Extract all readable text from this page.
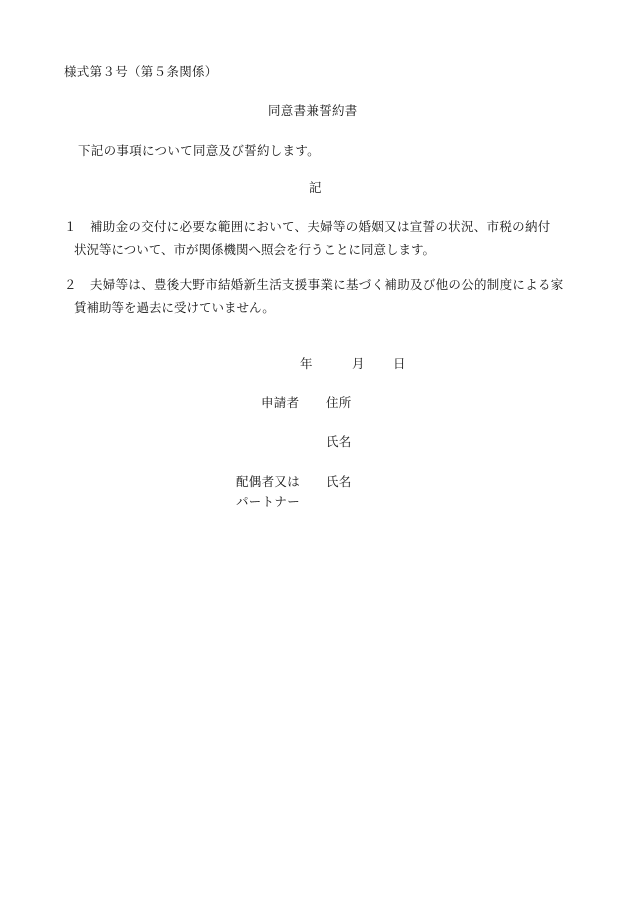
様式第３号（第５条関係）
同意書兼誓約書
下記の事項について同意及び誓約します。
記
１ 補助金の交付に必要な範囲において、夫婦等の婚姻又は宣誓の状況、市税の納付
状況等について、市が関係機関へ照会を行うことに同意します。
２ 夫婦等は、豊後大野市結婚新生活支援事業に基づく補助及び他の公的制度による家
賃補助等を過去に受けていません。
年	月 日
申請者 住所
氏名
配偶者又は
パートナー
氏名
